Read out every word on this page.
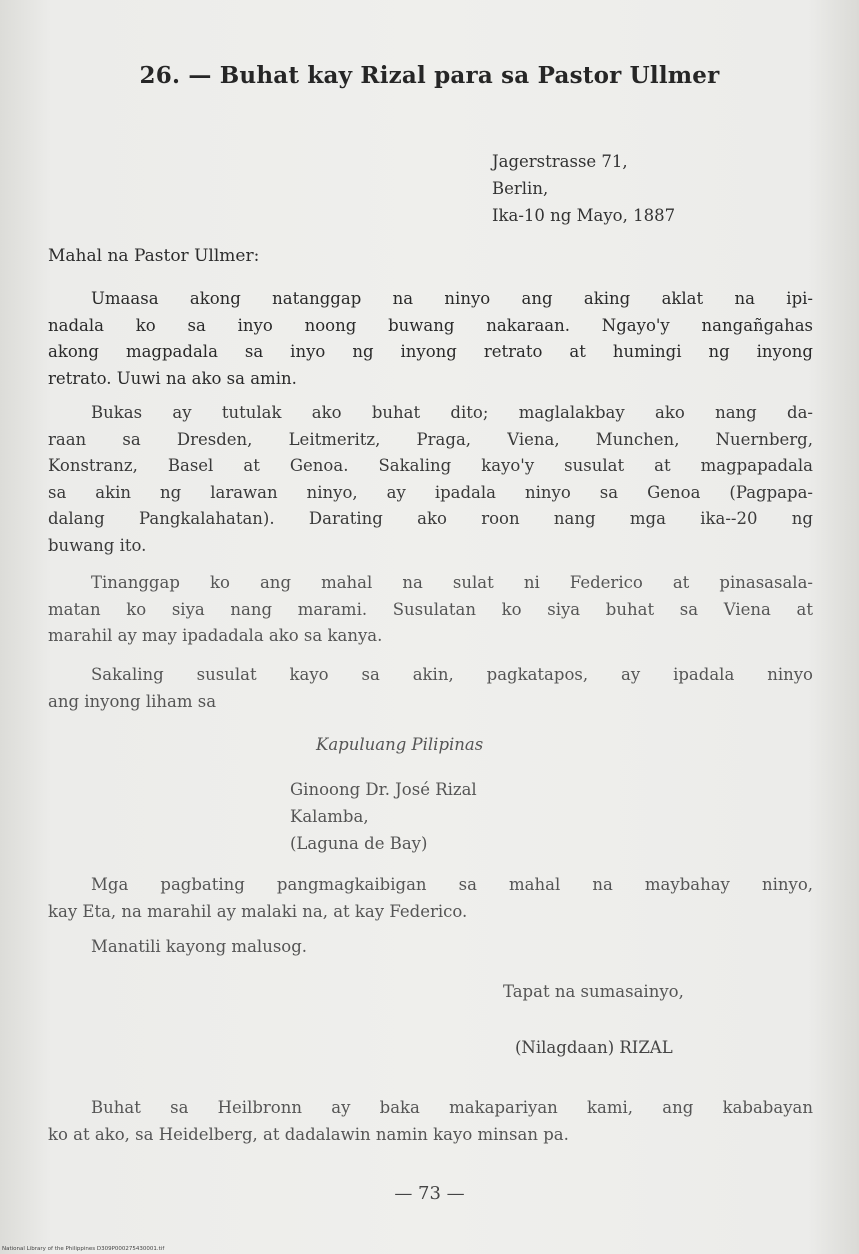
26. — Buhat kay Rizal para sa Pastor Ullmer
Jagerstrasse 71,
Berlin,
Ika-10 ng Mayo, 1887
Mahal na Pastor Ullmer:
Umaasa akong natanggap na ninyo ang aking aklat na ipi-
nadala ko sa inyo noong buwang nakaraan. Ngayo'y nangañgahas
akong magpadala sa inyo ng inyong retrato at humingi ng inyong
retrato. Uuwi na ako sa amin.
Bukas ay tutulak ako buhat dito; maglalakbay ako nang da-
raan sa Dresden, Leitmeritz, Praga, Viena, Munchen, Nuernberg,
Konstranz, Basel at Genoa. Sakaling kayo'y susulat at magpapadala
sa akin ng larawan ninyo, ay ipadala ninyo sa Genoa (Pagpapa-
dalang Pangkalahatan). Darating ako roon nang mga ika--20 ng
buwang ito.
Tinanggap ko ang mahal na sulat ni Federico at pinasasala-
matan ko siya nang marami. Susulatan ko siya buhat sa Viena at
marahil ay may ipadadala ako sa kanya.
Sakaling susulat kayo sa akin, pagkatapos, ay ipadala ninyo
ang inyong liham sa
Kapuluang Pilipinas
Ginoong Dr. José Rizal
Kalamba,
(Laguna de Bay)
Mga pagbating pangmagkaibigan sa mahal na maybahay ninyo,
kay Eta, na marahil ay malaki na, at kay Federico.
Manatili kayong malusog.
Tapat na sumasainyo,
(Nilagdaan) RIZAL
Buhat sa Heilbronn ay baka makapariyan kami, ang kababayan
ko at ako, sa Heidelberg, at dadalawin namin kayo minsan pa.
— 73 —
National Library of the Philippines D309P000275430001.tif
